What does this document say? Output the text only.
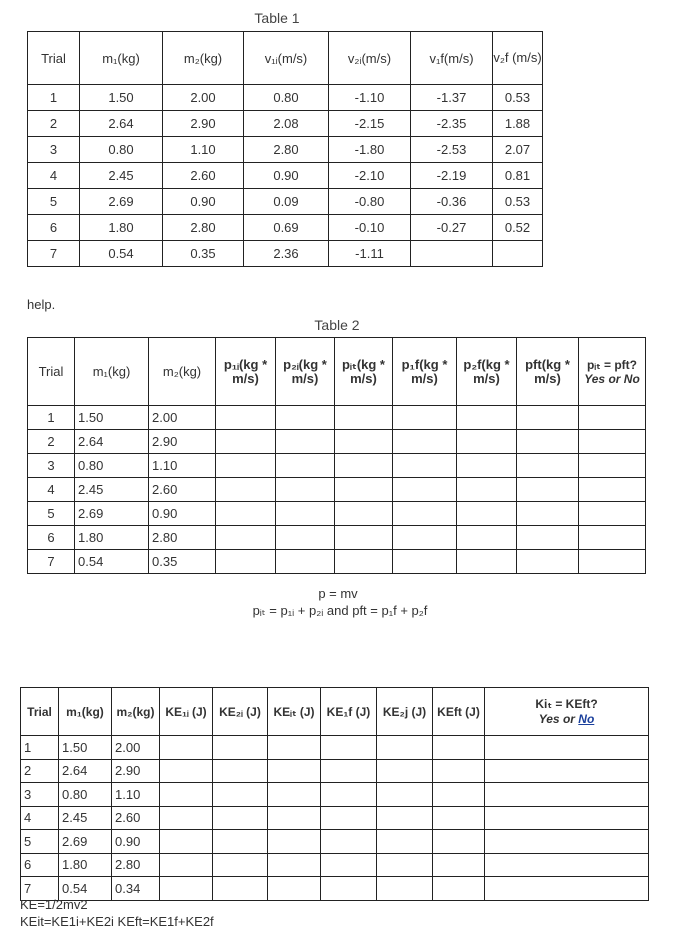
Table 1
Trial	m₁(kg)	m₂(kg)	v₁ᵢ(m/s)	v₂ᵢ(m/s)	v₁f(m/s)	v₂f (m/s)
1	1.50	2.00	0.80	-1.10	-1.37	0.53
2	2.64	2.90	2.08	-2.15	-2.35	1.88
3	0.80	1.10	2.80	-1.80	-2.53	2.07
4	2.45	2.60	0.90	-2.10	-2.19	0.81
5	2.69	0.90	0.09	-0.80	-0.36	0.53
6	1.80	2.80	0.69	-0.10	-0.27	0.52
7	0.54	0.35	2.36	-1.11		
help.
Table 2
Trial	m₁(kg)	m₂(kg)	p₁ᵢ(kg * m/s)	p₂ᵢ(kg * m/s)	pᵢₜ(kg * m/s)	p₁f(kg * m/s)	p₂f(kg * m/s)	pft(kg * m/s)	pᵢₜ = pft?
Yes or No
1	1.50	2.00							
2	2.64	2.90							
3	0.80	1.10							
4	2.45	2.60							
5	2.69	0.90							
6	1.80	2.80							
7	0.54	0.35							
p = mv
pᵢₜ = p₁ᵢ + p₂ᵢ and pft = p₁f + p₂f
Trial	m₁(kg)	m₂(kg)	KE₁ᵢ (J)	KE₂ᵢ (J)	KEᵢₜ (J)	KE₁f (J)	KE₂j (J)	KEft (J)	Kiₜ = KEft?
Yes or No
1	1.50	2.00							
2	2.64	2.90							
3	0.80	1.10							
4	2.45	2.60							
5	2.69	0.90							
6	1.80	2.80							
7	0.54	0.34							
KE=1/2mv2
KEit=KE1i+KE2i KEft=KE1f+KE2f
